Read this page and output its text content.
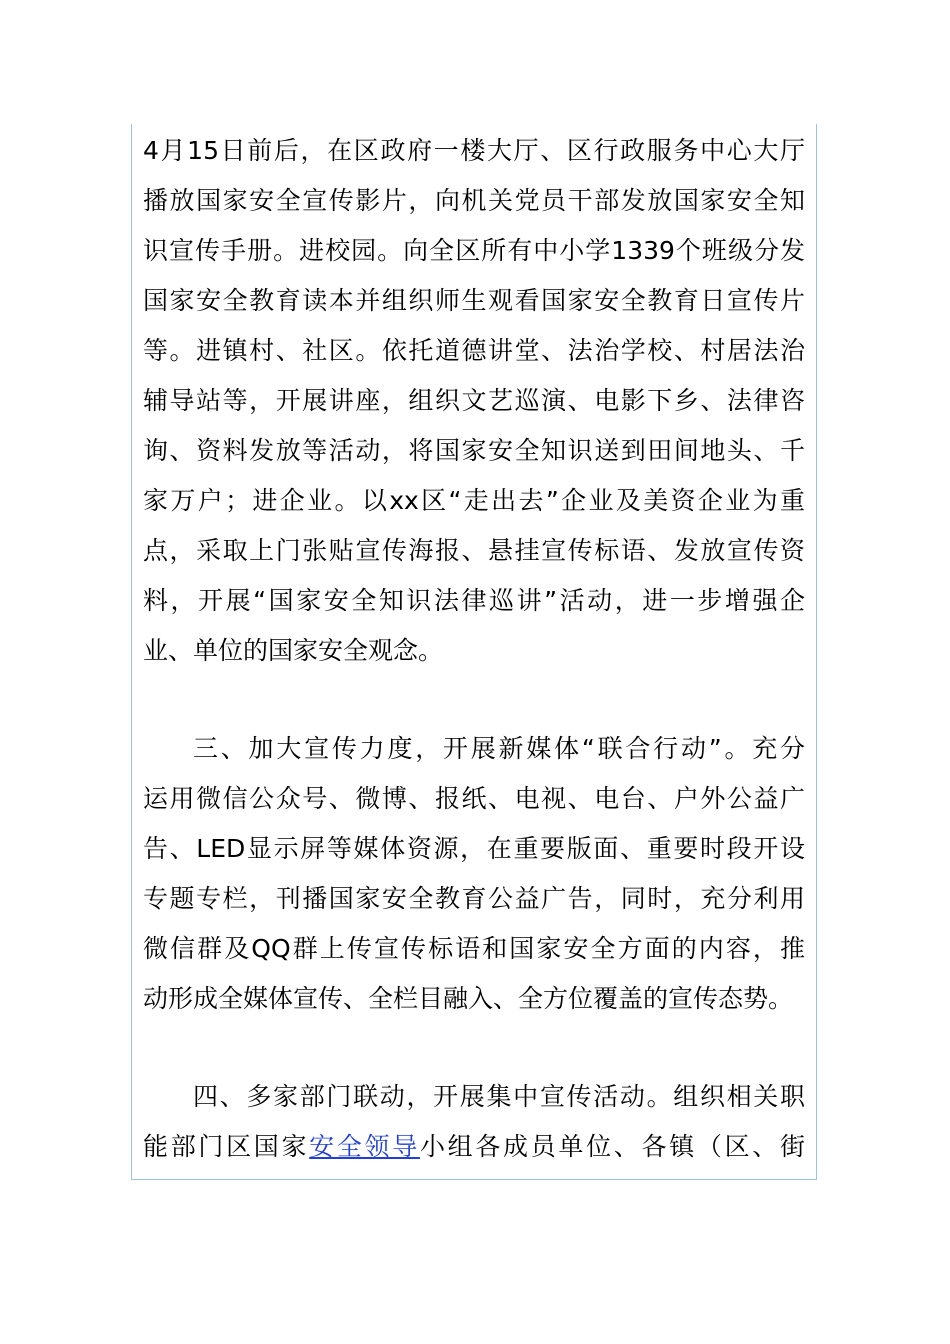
4月15日前后，在区政府一楼大厅、区行政服务中心大厅
播放国家安全宣传影片，向机关党员干部发放国家安全知
识宣传手册。进校园。向全区所有中小学1339个班级分发
国家安全教育读本并组织师生观看国家安全教育日宣传片
等。进镇村、社区。依托道德讲堂、法治学校、村居法治
辅导站等，开展讲座，组织文艺巡演、电影下乡、法律咨
询、资料发放等活动，将国家安全知识送到田间地头、千
家万户；进企业。以xx区“走出去”企业及美资企业为重
点，采取上门张贴宣传海报、悬挂宣传标语、发放宣传资
料，开展“国家安全知识法律巡讲”活动，进一步增强企
业、单位的国家安全观念。
三、加大宣传力度，开展新媒体“联合行动”。充分
运用微信公众号、微博、报纸、电视、电台、户外公益广
告、LED显示屏等媒体资源，在重要版面、重要时段开设
专题专栏，刊播国家安全教育公益广告，同时，充分利用
微信群及QQ群上传宣传标语和国家安全方面的内容，推
动形成全媒体宣传、全栏目融入、全方位覆盖的宣传态势。
四、多家部门联动，开展集中宣传活动。组织相关职
能部门区国家安全领导小组各成员单位、各镇（区、街
